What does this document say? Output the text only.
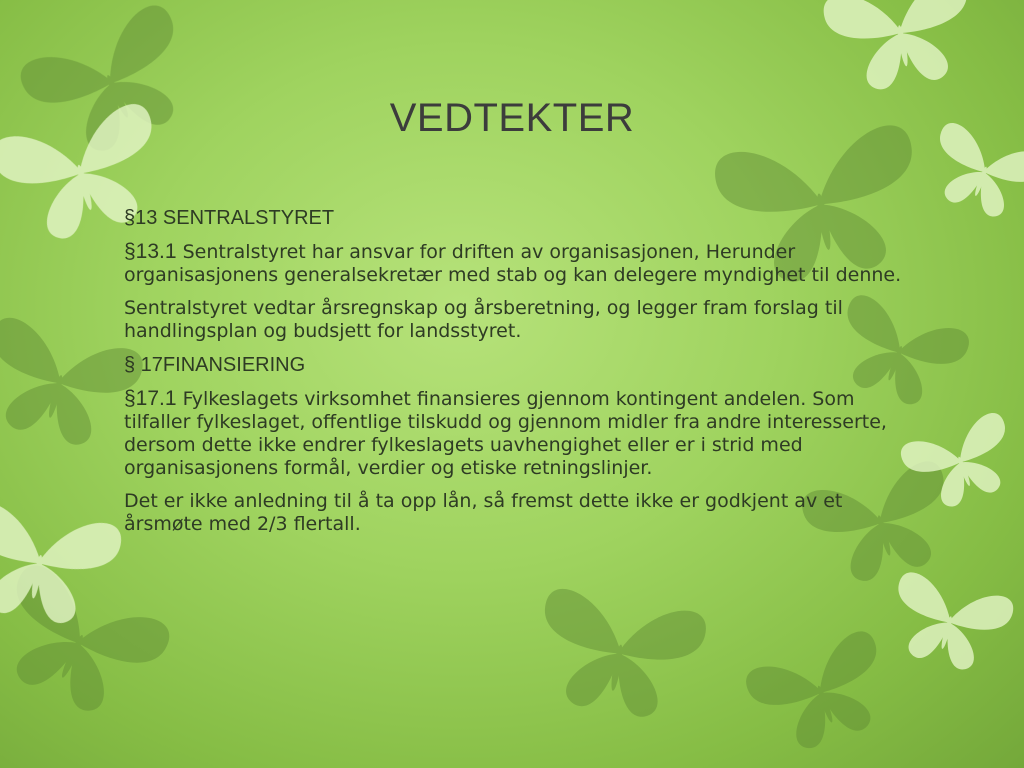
VEDTEKTER
§13 SENTRALSTYRET

§13.1 Sentralstyret har ansvar for driften av organisasjonen, Herunder organisasjonens generalsekretær med stab og kan delegere myndighet til denne.

Sentralstyret vedtar årsregnskap og årsberetning, og legger fram forslag til handlingsplan og budsjett for landsstyret.

§ 17FINANSIERING

§17.1 Fylkeslagets virksomhet finansieres gjennom kontingent andelen. Som tilfaller fylkeslaget, offentlige tilskudd og gjennom midler fra andre interesserte, dersom dette ikke endrer fylkeslagets uavhengighet eller er i strid med organisasjonens formål, verdier og etiske retningslinjer.

Det er ikke anledning til å ta opp lån, så fremst dette ikke er godkjent av et årsmøte med 2/3 flertall.
